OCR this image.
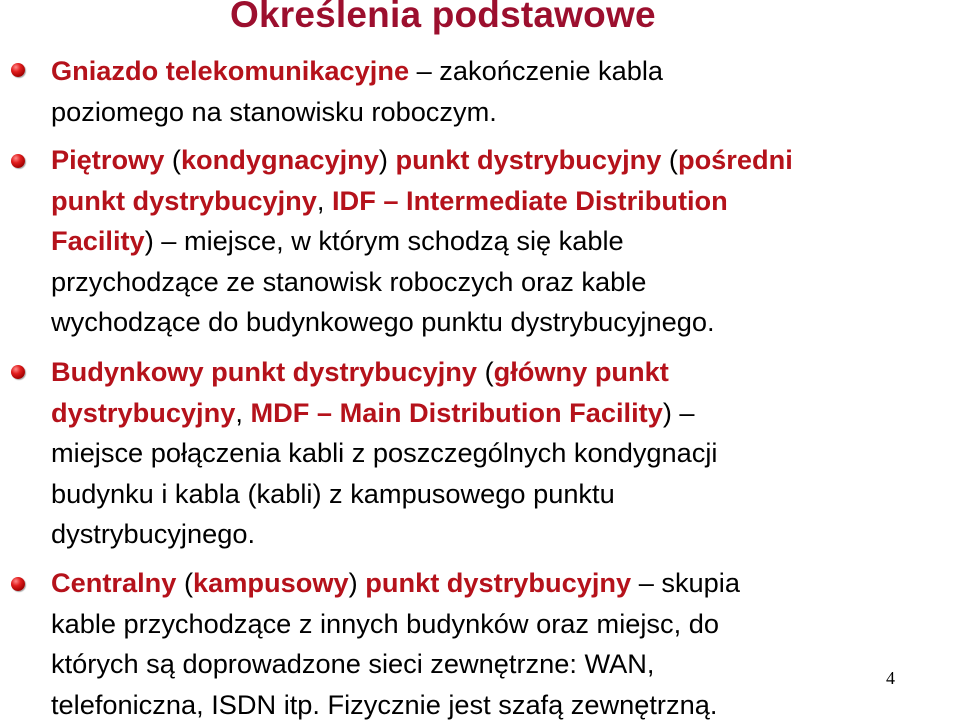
Określenia podstawowe

Gniazdo telekomunikacyjne – zakończenie kabla
poziomego na stanowisku roboczym.

Piętrowy (kondygnacyjny) punkt dystrybucyjny (pośredni
punkt dystrybucyjny, IDF – Intermediate Distribution
Facility) – miejsce, w którym schodzą się kable
przychodzące ze stanowisk roboczych oraz kable
wychodzące do budynkowego punktu dystrybucyjnego.

Budynkowy punkt dystrybucyjny (główny punkt
dystrybucyjny, MDF – Main Distribution Facility) –
miejsce połączenia kabli z poszczególnych kondygnacji
budynku i kabla (kabli) z kampusowego punktu
dystrybucyjnego.

Centralny (kampusowy) punkt dystrybucyjny – skupia
kable przychodzące z innych budynków oraz miejsc, do
których są doprowadzone sieci zewnętrzne: WAN,
telefoniczna, ISDN itp. Fizycznie jest szafą zewnętrzną.

4
